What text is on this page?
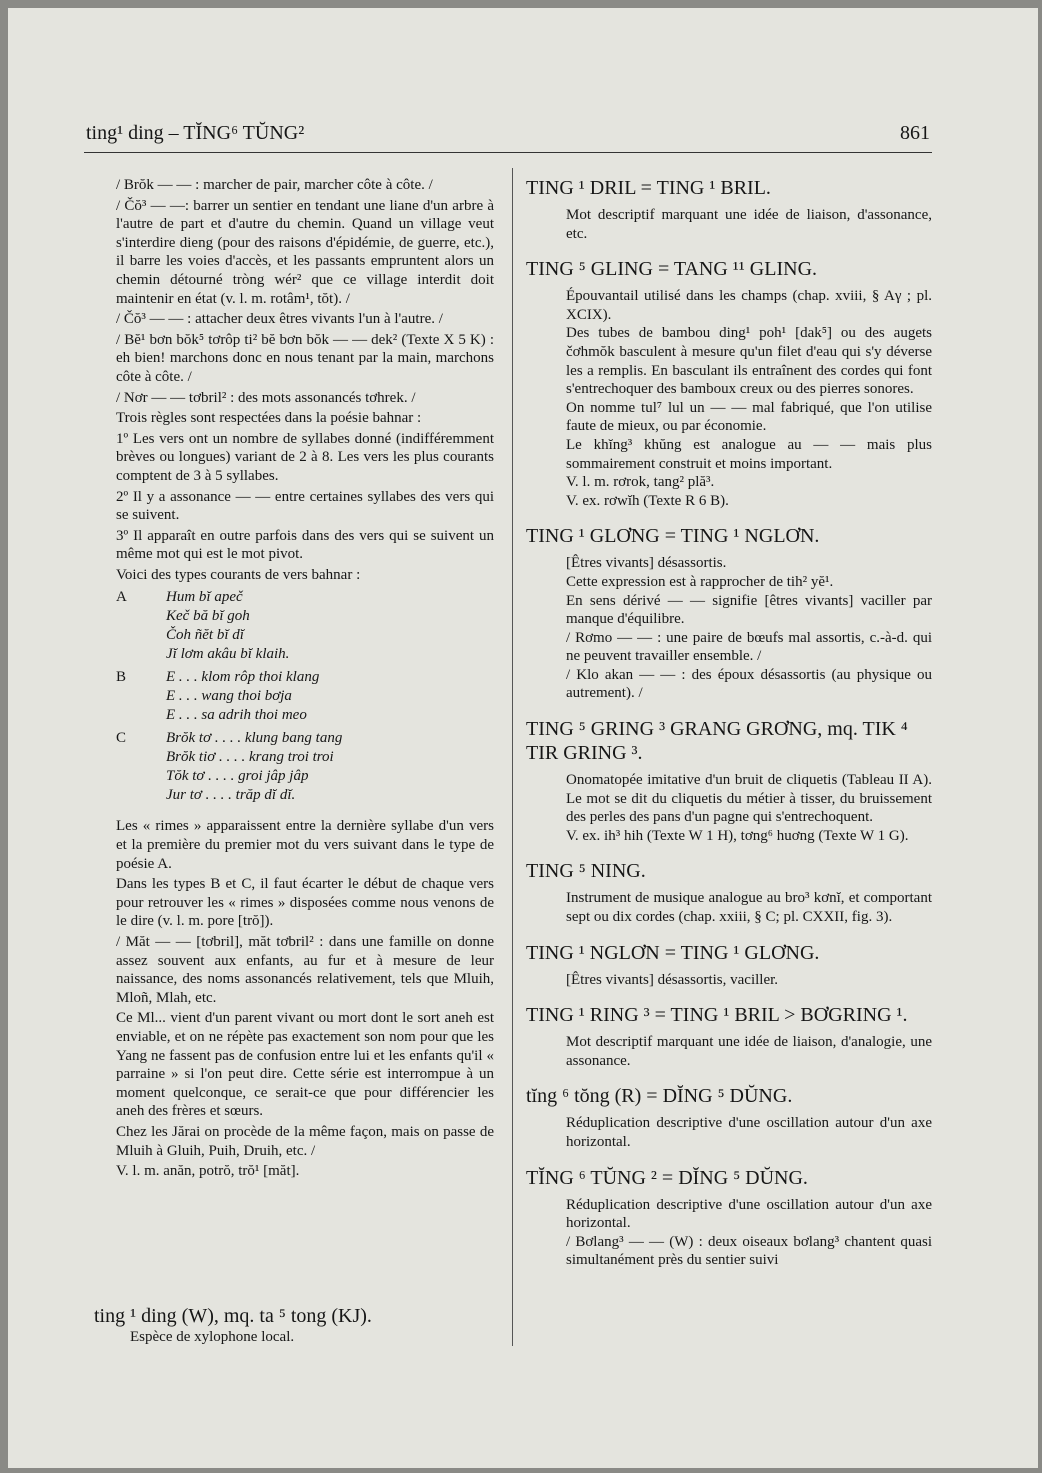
ting¹ ding – TĬNG⁶ TŬNG²	861

/ Brŏk — — : marcher de pair, marcher côte à côte. /

/ Čŏ³ — —: barrer un sentier en tendant une liane d'un arbre à l'autre de part et d'autre du chemin. Quand un village veut s'interdire dieng (pour des raisons d'épidémie, de guerre, etc.), il barre les voies d'accès, et les passants empruntent alors un chemin détourné tròng wér² que ce village interdit doit maintenir en état (v. l. m. rotâm¹, tŏt). /

/ Čŏ³ — — : attacher deux êtres vivants l'un à l'autre. /

/ Bĕ¹ bơn bŏk⁵ tơrôp ti² bĕ bơn bŏk — — dek² (Texte X 5 K) : eh bien! marchons donc en nous tenant par la main, marchons côte à côte. /

/ Nơr — — tơbril² : des mots assonancés tơhrek. /

Trois règles sont respectées dans la poésie bahnar :

1º Les vers ont un nombre de syllabes donné (indifféremment brèves ou longues) variant de 2 à 8. Les vers les plus courants comptent de 3 à 5 syllabes.

2º Il y a assonance — — entre certaines syllabes des vers qui se suivent.

3º Il apparaît en outre parfois dans des vers qui se suivent un même mot qui est le mot pivot.

Voici des types courants de vers bahnar :

A	Hum bĭ apeč
Keč bă bĭ goh
Čoh ñĕt bĭ dĭ
Jĭ lơm akâu bĭ klaih.
B	E . . . klom rôp thoi klang
E . . . wang thoi bơja
E . . . sa adrih thoi meo
C	Brŏk tơ . . . . klung bang tang
Brŏk tiơ . . . . krang troi troi
Tŏk tơ . . . . groi jâp jâp
Jur tơ . . . . trăp dĭ dĭ.

Les « rimes » apparaissent entre la dernière syllabe d'un vers et la première du premier mot du vers suivant dans le type de poésie A.

Dans les types B et C, il faut écarter le début de chaque vers pour retrouver les « rimes » disposées comme nous venons de le dire (v. l. m. pore [trŏ]).

/ Măt — — [tơbril], măt tơbril² : dans une famille on donne assez souvent aux enfants, au fur et à mesure de leur naissance, des noms assonancés relativement, tels que Mluih, Mloñ, Mlah, etc.

Ce Ml... vient d'un parent vivant ou mort dont le sort aneh est enviable, et on ne répète pas exactement son nom pour que les Yang ne fassent pas de confusion entre lui et les enfants qu'il « parraine » si l'on peut dire. Cette série est interrompue à un moment quelconque, ce serait-ce que pour différencier les aneh des frères et sœurs.

Chez les Jărai on procède de la même façon, mais on passe de Mluih à Gluih, Puih, Druih, etc. /

V. l. m. anăn, potrŏ, trŏ¹ [măt].

ting ¹ ding (W), mq. ta ⁵ tong (KJ).
Espèce de xylophone local.
TING ¹ DRIL = TING ¹ BRIL.

Mot descriptif marquant une idée de liaison, d'assonance, etc.

TING ⁵ GLING = TANG ¹¹ GLING.

Épouvantail utilisé dans les champs (chap. xviii, § Aγ ; pl. XCIX).

Des tubes de bambou ding¹ poh¹ [dak⁵] ou des augets čơhmŏk basculent à mesure qu'un filet d'eau qui s'y déverse les a remplis. En basculant ils entraînent des cordes qui font s'entrechoquer des bamboux creux ou des pierres sonores.

On nomme tul⁷ lul un — — mal fabriqué, que l'on utilise faute de mieux, ou par économie.

Le khĭng³ khŭng est analogue au — — mais plus sommairement construit et moins important.

V. l. m. rơrok, tang² plă³.

V. ex. rơwĭh (Texte R 6 B).

TING ¹ GLƠNG = TING ¹ NGLƠN.

[Êtres vivants] désassortis.

Cette expression est à rapprocher de tih² yĕ¹.

En sens dérivé — — signifie [êtres vivants] vaciller par manque d'équilibre.

/ Rơmo — — : une paire de bœufs mal assortis, c.-à-d. qui ne peuvent travailler ensemble. /

/ Klo akan — — : des époux désassortis (au physique ou autrement). /

TING ⁵ GRING ³ GRANG GRƠNG, mq. TIK ⁴ TIR GRING ³.

Onomatopée imitative d'un bruit de cliquetis (Tableau II A). Le mot se dit du cliquetis du métier à tisser, du bruissement des perles des pans d'un pagne qui s'entrechoquent.

V. ex. ih³ hih (Texte W 1 H), tơng⁶ huơng (Texte W 1 G).

TING ⁵ NING.

Instrument de musique analogue au bro³ kơnĭ, et comportant sept ou dix cordes (chap. xxiii, § C; pl. CXXII, fig. 3).

TING ¹ NGLƠN = TING ¹ GLƠNG.

[Êtres vivants] désassortis, vaciller.

TING ¹ RING ³ = TING ¹ BRIL > BƠGRING ¹.

Mot descriptif marquant une idée de liaison, d'analogie, une assonance.

tĭng ⁶ tŏng (R) = DĬNG ⁵ DŬNG.

Réduplication descriptive d'une oscillation autour d'un axe horizontal.

TĬNG ⁶ TŬNG ² = DĬNG ⁵ DŬNG.

Réduplication descriptive d'une oscillation autour d'un axe horizontal.

/ Bơlang³ — — (W) : deux oiseaux bơlang³ chantent quasi simultanément près du sentier suivi
